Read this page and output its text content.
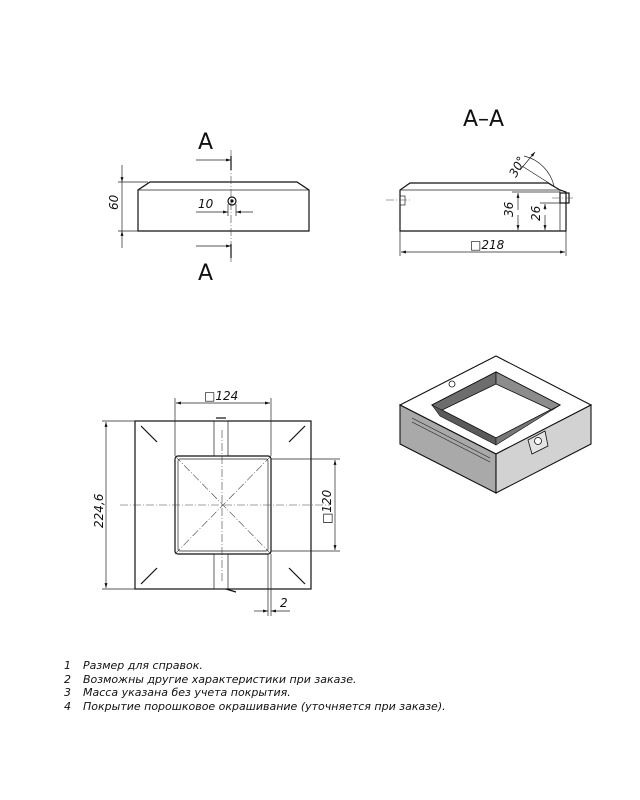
A
A
10
60
A–A
30°
36 26
□218
□124
224,6	□120
2
1 Размер для справок.
2 Возможны другие характеристики при заказе.
3 Масса указана без учета покрытия.
4 Покрытие порошковое окрашивание (уточняется при заказе).
